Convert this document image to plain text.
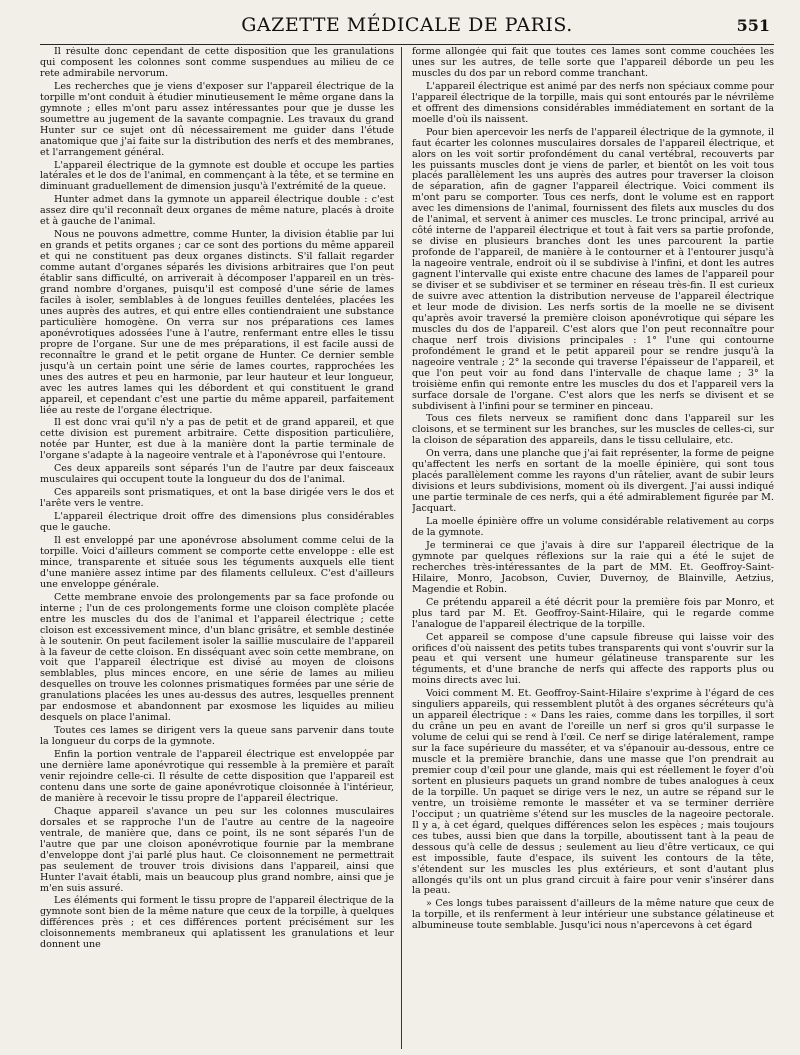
GAZETTE MÉDICALE DE PARIS.	551

Il résulte donc cependant de cette disposition que les granulations qui composent les colonnes sont comme suspendues au milieu de ce rete admirabile nervorum.

Les recherches que je viens d'exposer sur l'appareil électrique de la torpille m'ont conduit à étudier minutieusement le même organe dans la gymnote ; elles m'ont paru assez intéressantes pour que je dusse les soumettre au jugement de la savante compagnie. Les travaux du grand Hunter sur ce sujet ont dû nécessairement me guider dans l'étude anatomique que j'ai faite sur la distribution des nerfs et des membranes, et l'arrangement général.

L'appareil électrique de la gymnote est double et occupe les parties latérales et le dos de l'animal, en commençant à la tête, et se termine en diminuant graduellement de dimension jusqu'à l'extrémité de la queue.

Hunter admet dans la gymnote un appareil électrique double : c'est assez dire qu'il reconnaît deux organes de même nature, placés à droite et à gauche de l'animal.

Nous ne pouvons admettre, comme Hunter, la division établie par lui en grands et petits organes ; car ce sont des portions du même appareil et qui ne constituent pas deux organes distincts. S'il fallait regarder comme autant d'organes séparés les divisions arbitraires que l'on peut établir sans difficulté, on arriverait à décomposer l'appareil en un très-grand nombre d'organes, puisqu'il est composé d'une série de lames faciles à isoler, semblables à de longues feuilles dentelées, placées les unes auprès des autres, et qui entre elles contiendraient une substance particulière homogène. On verra sur nos préparations ces lames aponévrotiques adossées l'une à l'autre, renfermant entre elles le tissu propre de l'organe. Sur une de mes préparations, il est facile aussi de reconnaître le grand et le petit organe de Hunter. Ce dernier semble jusqu'à un certain point une série de lames courtes, rapprochées les unes des autres et peu en harmonie, par leur hauteur et leur longueur, avec les autres lames qui les débordent et qui constituent le grand appareil, et cependant c'est une partie du même appareil, parfaitement liée au reste de l'organe électrique.

Il est donc vrai qu'il n'y a pas de petit et de grand appareil, et que cette division est purement arbitraire. Cette disposition particulière, notée par Hunter, est due à la manière dont la partie terminale de l'organe s'adapte à la nageoire ventrale et à l'aponévrose qui l'entoure.

Ces deux appareils sont séparés l'un de l'autre par deux faisceaux musculaires qui occupent toute la longueur du dos de l'animal.

Ces appareils sont prismatiques, et ont la base dirigée vers le dos et l'arête vers le ventre.

L'appareil électrique droit offre des dimensions plus considérables que le gauche.

Il est enveloppé par une aponévrose absolument comme celui de la torpille. Voici d'ailleurs comment se comporte cette enveloppe : elle est mince, transparente et située sous les téguments auxquels elle tient d'une manière assez intime par des filaments celluleux. C'est d'ailleurs une enveloppe générale.

Cette membrane envoie des prolongements par sa face profonde ou interne ; l'un de ces prolongements forme une cloison complète placée entre les muscles du dos de l'animal et l'appareil électrique ; cette cloison est excessivement mince, d'un blanc grisâtre, et semble destinée à le soutenir. On peut facilement isoler la saillie musculaire de l'appareil à la faveur de cette cloison. En disséquant avec soin cette membrane, on voit que l'appareil électrique est divisé au moyen de cloisons semblables, plus minces encore, en une série de lames au milieu desquelles on trouve les colonnes prismatiques formées par une série de granulations placées les unes au-dessus des autres, lesquelles prennent par endosmose et abandonnent par exosmose les liquides au milieu desquels on place l'animal.

Toutes ces lames se dirigent vers la queue sans parvenir dans toute la longueur du corps de la gymnote.

Enfin la portion ventrale de l'appareil électrique est enveloppée par une dernière lame aponévrotique qui ressemble à la première et paraît venir rejoindre celle-ci. Il résulte de cette disposition que l'appareil est contenu dans une sorte de gaine aponévrotique cloisonnée à l'intérieur, de manière à recevoir le tissu propre de l'appareil électrique.

Chaque appareil s'avance un peu sur les colonnes musculaires dorsales et se rapproche l'un de l'autre au centre de la nageoire ventrale, de manière que, dans ce point, ils ne sont séparés l'un de l'autre que par une cloison aponévrotique fournie par la membrane d'enveloppe dont j'ai parlé plus haut. Ce cloisonnement ne permettrait pas seulement de trouver trois divisions dans l'appareil, ainsi que Hunter l'avait établi, mais un beaucoup plus grand nombre, ainsi que je m'en suis assuré.

Les éléments qui forment le tissu propre de l'appareil électrique de la gymnote sont bien de la même nature que ceux de la torpille, à quelques différences près ; et ces différences portent précisément sur les cloisonnements membraneux qui aplatissent les granulations et leur donnent une

forme allongée qui fait que toutes ces lames sont comme couchées les unes sur les autres, de telle sorte que l'appareil déborde un peu les muscles du dos par un rebord comme tranchant.

L'appareil électrique est animé par des nerfs non spéciaux comme pour l'appareil électrique de la torpille, mais qui sont entourés par le névrilème et offrent des dimensions considérables immédiatement en sortant de la moelle d'où ils naissent.

Pour bien apercevoir les nerfs de l'appareil électrique de la gymnote, il faut écarter les colonnes musculaires dorsales de l'appareil électrique, et alors on les voit sortir profondément du canal vertébral, recouverts par les puissants muscles dont je viens de parler, et bientôt on les voit tous placés parallèlement les uns auprès des autres pour traverser la cloison de séparation, afin de gagner l'appareil électrique. Voici comment ils m'ont paru se comporter. Tous ces nerfs, dont le volume est en rapport avec les dimensions de l'animal, fournissent des filets aux muscles du dos de l'animal, et servent à animer ces muscles. Le tronc principal, arrivé au côté interne de l'appareil électrique et tout à fait vers sa partie profonde, se divise en plusieurs branches dont les unes parcourent la partie profonde de l'appareil, de manière à le contourner et à l'entourer jusqu'à la nageoire ventrale, endroit où il se subdivise à l'infini, et dont les autres gagnent l'intervalle qui existe entre chacune des lames de l'appareil pour se diviser et se subdiviser et se terminer en réseau très-fin. Il est curieux de suivre avec attention la distribution nerveuse de l'appareil électrique et leur mode de division. Les nerfs sortis de la moelle ne se divisent qu'après avoir traversé la première cloison aponévrotique qui sépare les muscles du dos de l'appareil. C'est alors que l'on peut reconnaître pour chaque nerf trois divisions principales : 1° l'une qui contourne profondément le grand et le petit appareil pour se rendre jusqu'à la nageoire ventrale ; 2° la seconde qui traverse l'épaisseur de l'appareil, et que l'on peut voir au fond dans l'intervalle de chaque lame ; 3° la troisième enfin qui remonte entre les muscles du dos et l'appareil vers la surface dorsale de l'organe. C'est alors que les nerfs se divisent et se subdivisent à l'infini pour se terminer en pinceau.

Tous ces filets nerveux se ramifient donc dans l'appareil sur les cloisons, et se terminent sur les branches, sur les muscles de celles-ci, sur la cloison de séparation des appareils, dans le tissu cellulaire, etc.

On verra, dans une planche que j'ai fait représenter, la forme de peigne qu'affectent les nerfs en sortant de la moelle épinière, qui sont tous placés parallèlement comme les rayons d'un râtelier, avant de subir leurs divisions et leurs subdivisions, moment où ils divergent. J'ai aussi indiqué une partie terminale de ces nerfs, qui a été admirablement figurée par M. Jacquart.

La moelle épinière offre un volume considérable relativement au corps de la gymnote.

Je terminerai ce que j'avais à dire sur l'appareil électrique de la gymnote par quelques réflexions sur la raie qui a été le sujet de recherches très-intéressantes de la part de MM. Et. Geoffroy-Saint-Hilaire, Monro, Jacobson, Cuvier, Duvernoy, de Blainville, Aetzius, Magendie et Robin.

Ce prétendu appareil a été décrit pour la première fois par Monro, et plus tard par M. Et. Geoffroy-Saint-Hilaire, qui le regarde comme l'analogue de l'appareil électrique de la torpille.

Cet appareil se compose d'une capsule fibreuse qui laisse voir des orifices d'où naissent des petits tubes transparents qui vont s'ouvrir sur la peau et qui versent une humeur gélatineuse transparente sur les téguments, et d'une branche de nerfs qui affecte des rapports plus ou moins directs avec lui.

Voici comment M. Et. Geoffroy-Saint-Hilaire s'exprime à l'égard de ces singuliers appareils, qui ressemblent plutôt à des organes sécréteurs qu'à un appareil électrique : « Dans les raies, comme dans les torpilles, il sort du crâne un peu en avant de l'oreille un nerf si gros qu'il surpasse le volume de celui qui se rend à l'œil. Ce nerf se dirige latéralement, rampe sur la face supérieure du masséter, et va s'épanouir au-dessous, entre ce muscle et la première branchie, dans une masse que l'on prendrait au premier coup d'œil pour une glande, mais qui est réellement le foyer d'où sortent en plusieurs paquets un grand nombre de tubes analogues à ceux de la torpille. Un paquet se dirige vers le nez, un autre se répand sur le ventre, un troisième remonte le masséter et va se terminer derrière l'occiput ; un quatrième s'étend sur les muscles de la nageoire pectorale. Il y a, à cet égard, quelques différences selon les espèces ; mais toujours ces tubes, aussi bien que dans la torpille, aboutissent tant à la peau de dessous qu'à celle de dessus ; seulement au lieu d'être verticaux, ce qui est impossible, faute d'espace, ils suivent les contours de la tête, s'étendent sur les muscles les plus extérieurs, et sont d'autant plus allongés qu'ils ont un plus grand circuit à faire pour venir s'insérer dans la peau.

» Ces longs tubes paraissent d'ailleurs de la même nature que ceux de la torpille, et ils renferment à leur intérieur une substance gélatineuse et albumineuse toute semblable. Jusqu'ici nous n'apercevons à cet égard
